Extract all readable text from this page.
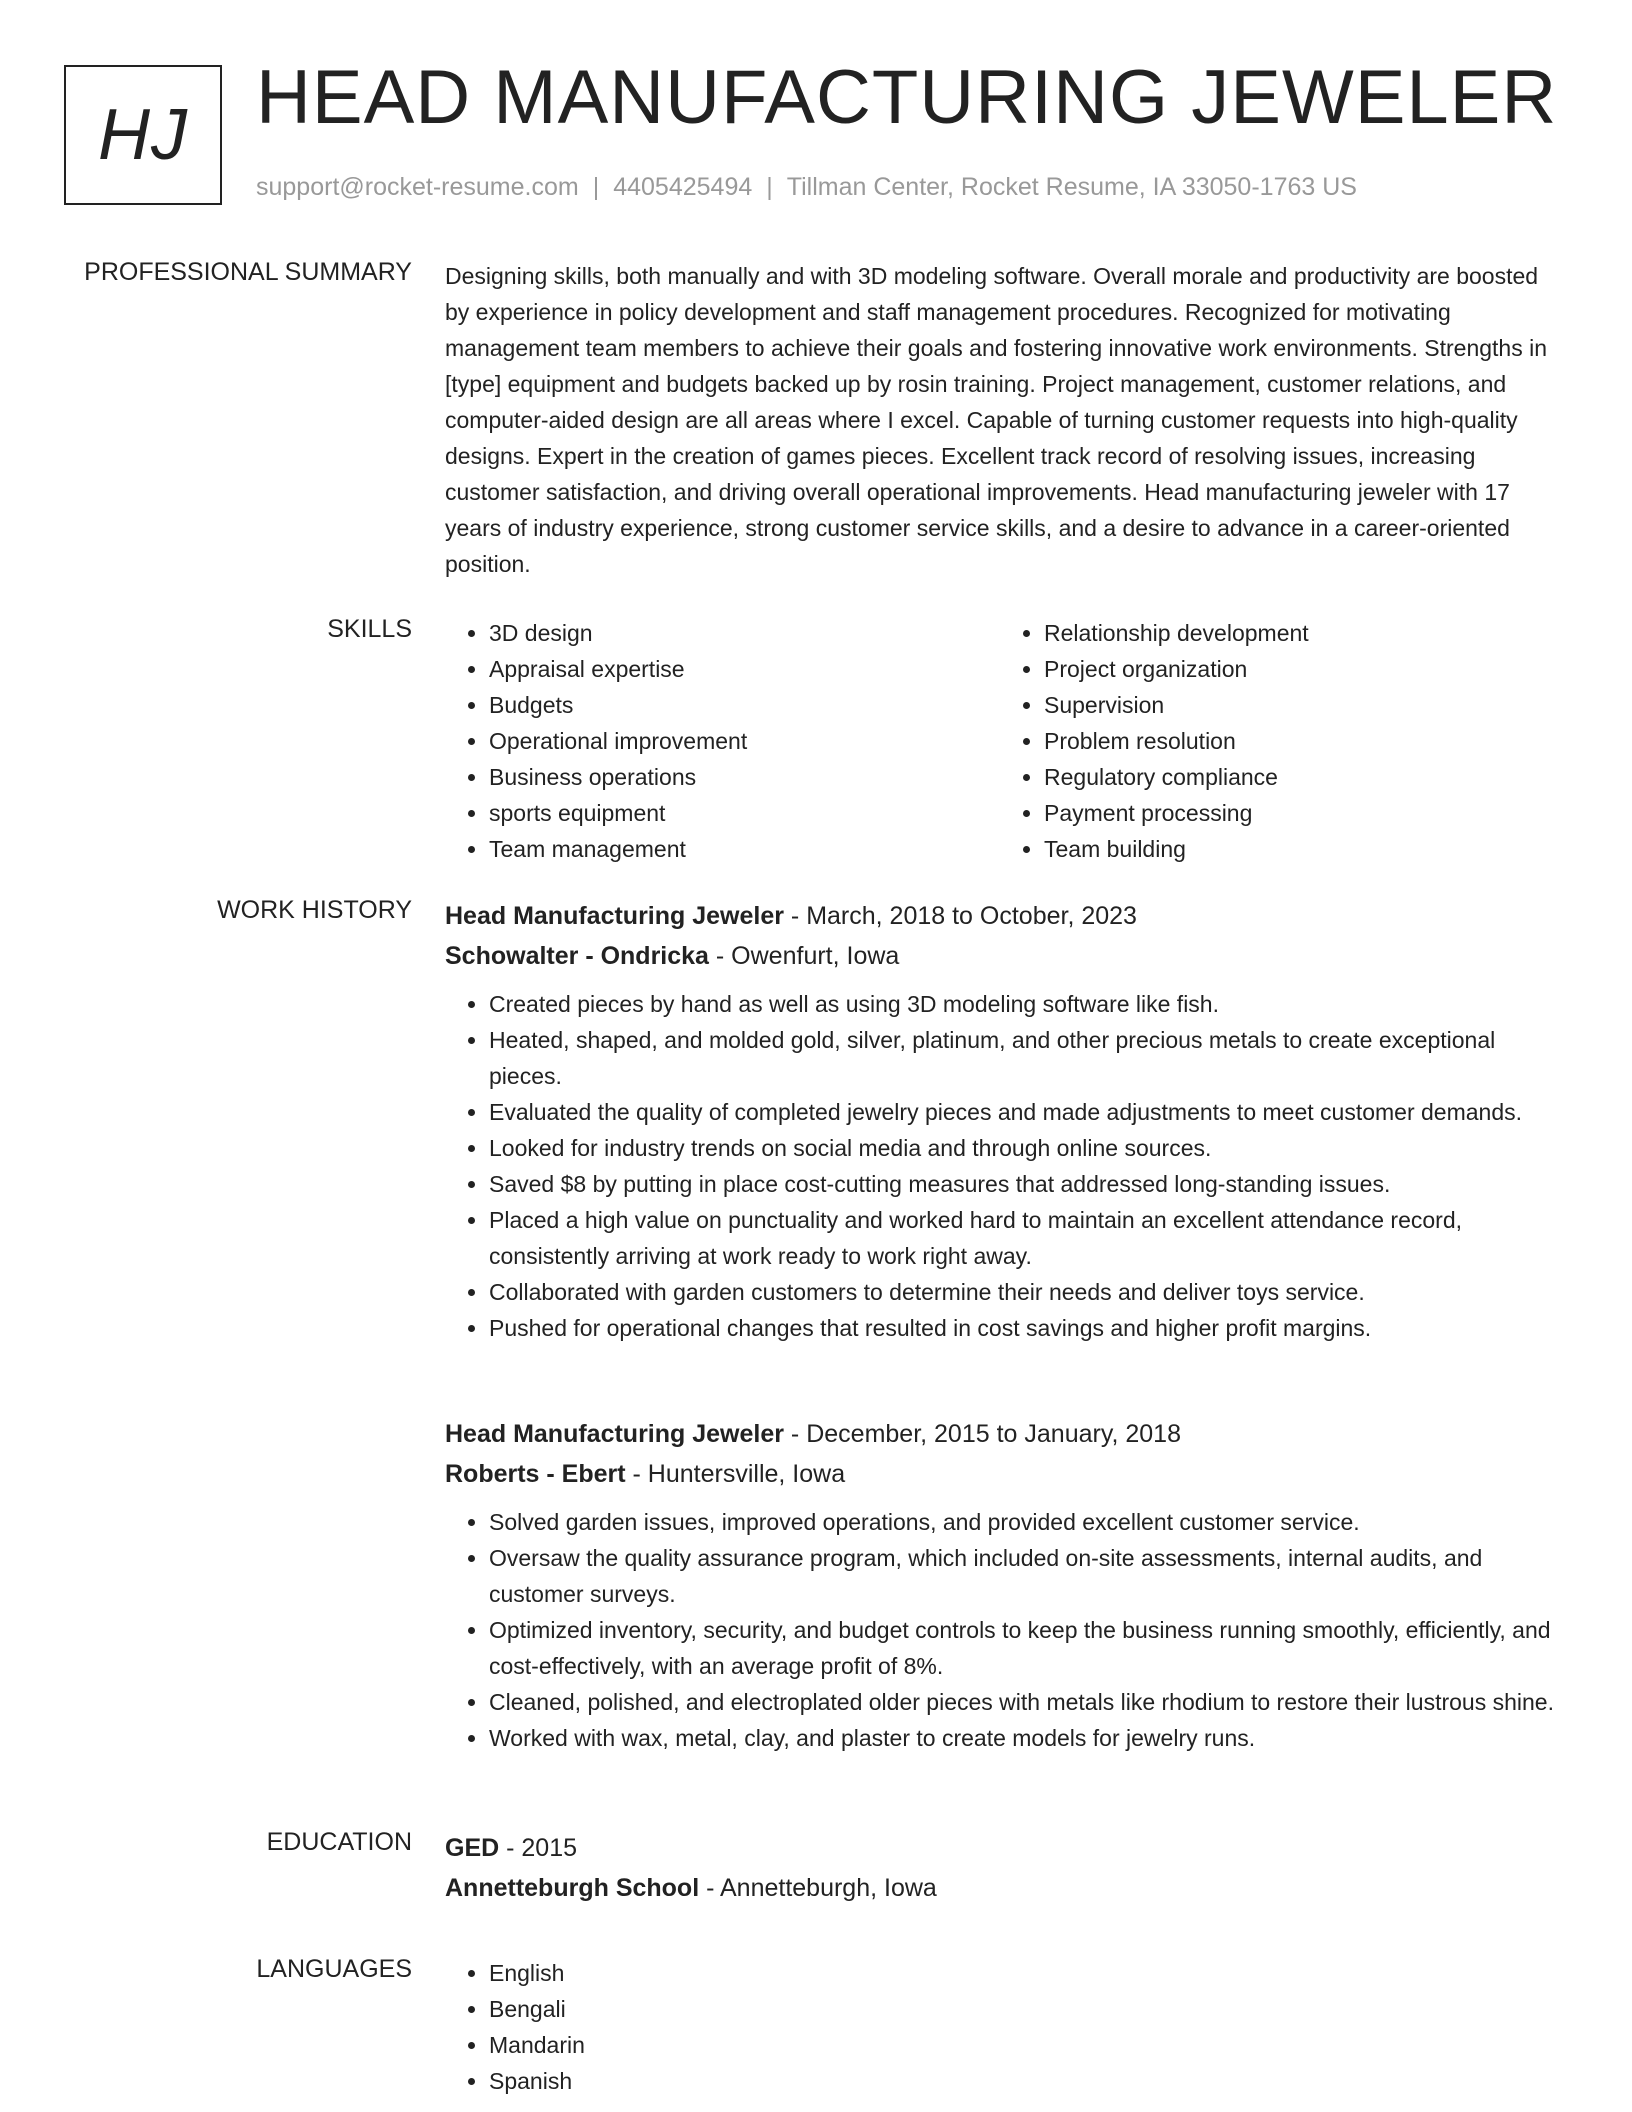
HJ HEAD MANUFACTURING JEWELER
support@rocket-resume.com | 4405425494 | Tillman Center, Rocket Resume, IA 33050-1763 US
PROFESSIONAL SUMMARY Designing skills, both manually and with 3D modeling software. Overall morale and productivity are boosted by experience in policy development and staff management procedures. Recognized for motivating management team members to achieve their goals and fostering innovative work environments. Strengths in [type] equipment and budgets backed up by rosin training. Project management, customer relations, and computer-aided design are all areas where I excel. Capable of turning customer requests into high-quality designs. Expert in the creation of games pieces. Excellent track record of resolving issues, increasing customer satisfaction, and driving overall operational improvements. Head manufacturing jeweler with 17 years of industry experience, strong customer service skills, and a desire to advance in a career-oriented position.

SKILLS	• 3D design
• Appraisal expertise
• Budgets
• Operational improvement
• Business operations
• sports equipment
• Team management
• Relationship development
• Project organization
• Supervision
• Problem resolution
• Regulatory compliance
• Payment processing
• Team building
WORK HISTORY Head Manufacturing Jeweler - March, 2018 to October, 2023
Schowalter - Ondricka - Owenfurt, Iowa
• Created pieces by hand as well as using 3D modeling software like fish.
• Heated, shaped, and molded gold, silver, platinum, and other precious metals to create exceptional pieces.
• Evaluated the quality of completed jewelry pieces and made adjustments to meet customer demands.
• Looked for industry trends on social media and through online sources.
• Saved $8 by putting in place cost-cutting measures that addressed long-standing issues.
• Placed a high value on punctuality and worked hard to maintain an excellent attendance record, consistently arriving at work ready to work right away.
• Collaborated with garden customers to determine their needs and deliver toys service.
• Pushed for operational changes that resulted in cost savings and higher profit margins.
Head Manufacturing Jeweler - December, 2015 to January, 2018
Roberts - Ebert - Huntersville, Iowa
• Solved garden issues, improved operations, and provided excellent customer service.
• Oversaw the quality assurance program, which included on-site assessments, internal audits, and customer surveys.
• Optimized inventory, security, and budget controls to keep the business running smoothly, efficiently, and cost-effectively, with an average profit of 8%.
• Cleaned, polished, and electroplated older pieces with metals like rhodium to restore their lustrous shine.
• Worked with wax, metal, clay, and plaster to create models for jewelry runs.
EDUCATION GED - 2015
Annetteburgh School - Annetteburgh, Iowa
LANGUAGES	• English
• Bengali
• Mandarin
• Spanish
